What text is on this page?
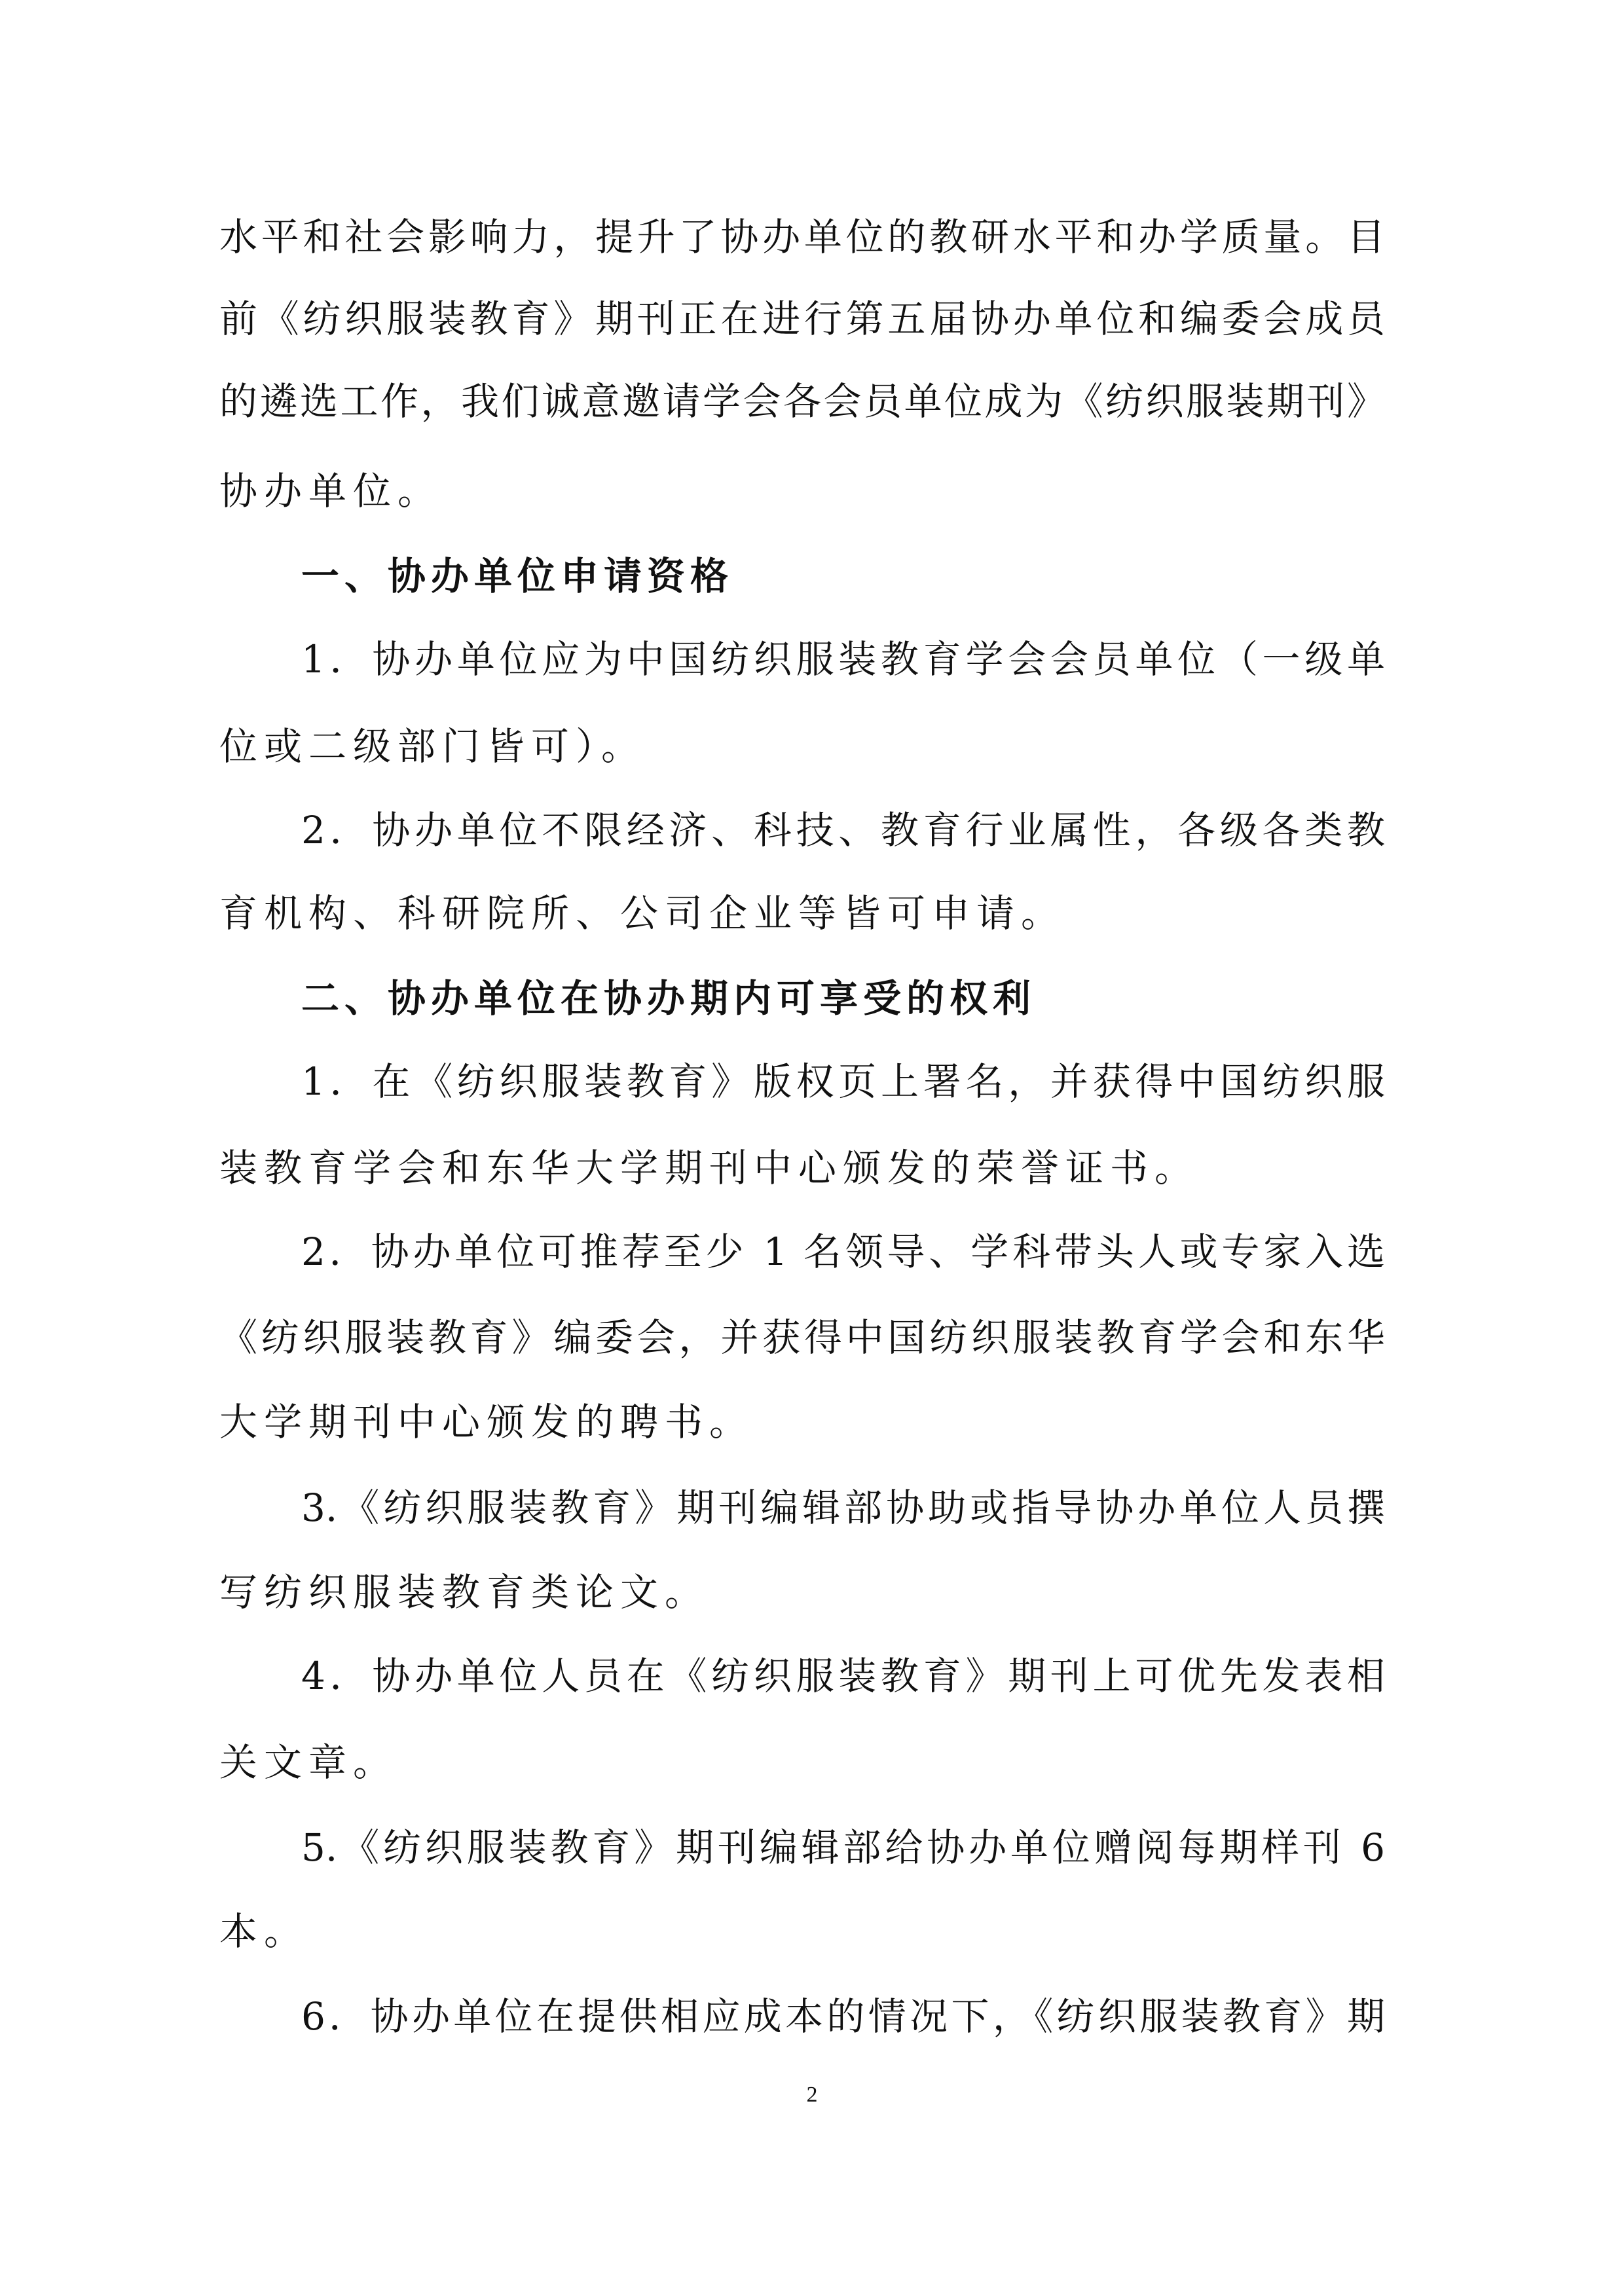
水平和社会影响力，提升了协办单位的教研水平和办学质量。目
前《纺织服装教育》期刊正在进行第五届协办单位和编委会成员
的遴选工作，我们诚意邀请学会各会员单位成为《纺织服装期刊》
协办单位。
一、协办单位申请资格
1．协办单位应为中国纺织服装教育学会会员单位（一级单
位或二级部门皆可）。
2．协办单位不限经济、科技、教育行业属性，各级各类教
育机构、科研院所、公司企业等皆可申请。
二、协办单位在协办期内可享受的权利
1．在《纺织服装教育》版权页上署名，并获得中国纺织服
装教育学会和东华大学期刊中心颁发的荣誉证书。
2．协办单位可推荐至少 1 名领导、学科带头人或专家入选
《纺织服装教育》编委会，并获得中国纺织服装教育学会和东华
大学期刊中心颁发的聘书。
3.《纺织服装教育》期刊编辑部协助或指导协办单位人员撰
写纺织服装教育类论文。
4．协办单位人员在《纺织服装教育》期刊上可优先发表相
关文章。
5.《纺织服装教育》期刊编辑部给协办单位赠阅每期样刊 6
本。
6．协办单位在提供相应成本的情况下，《纺织服装教育》期
2
